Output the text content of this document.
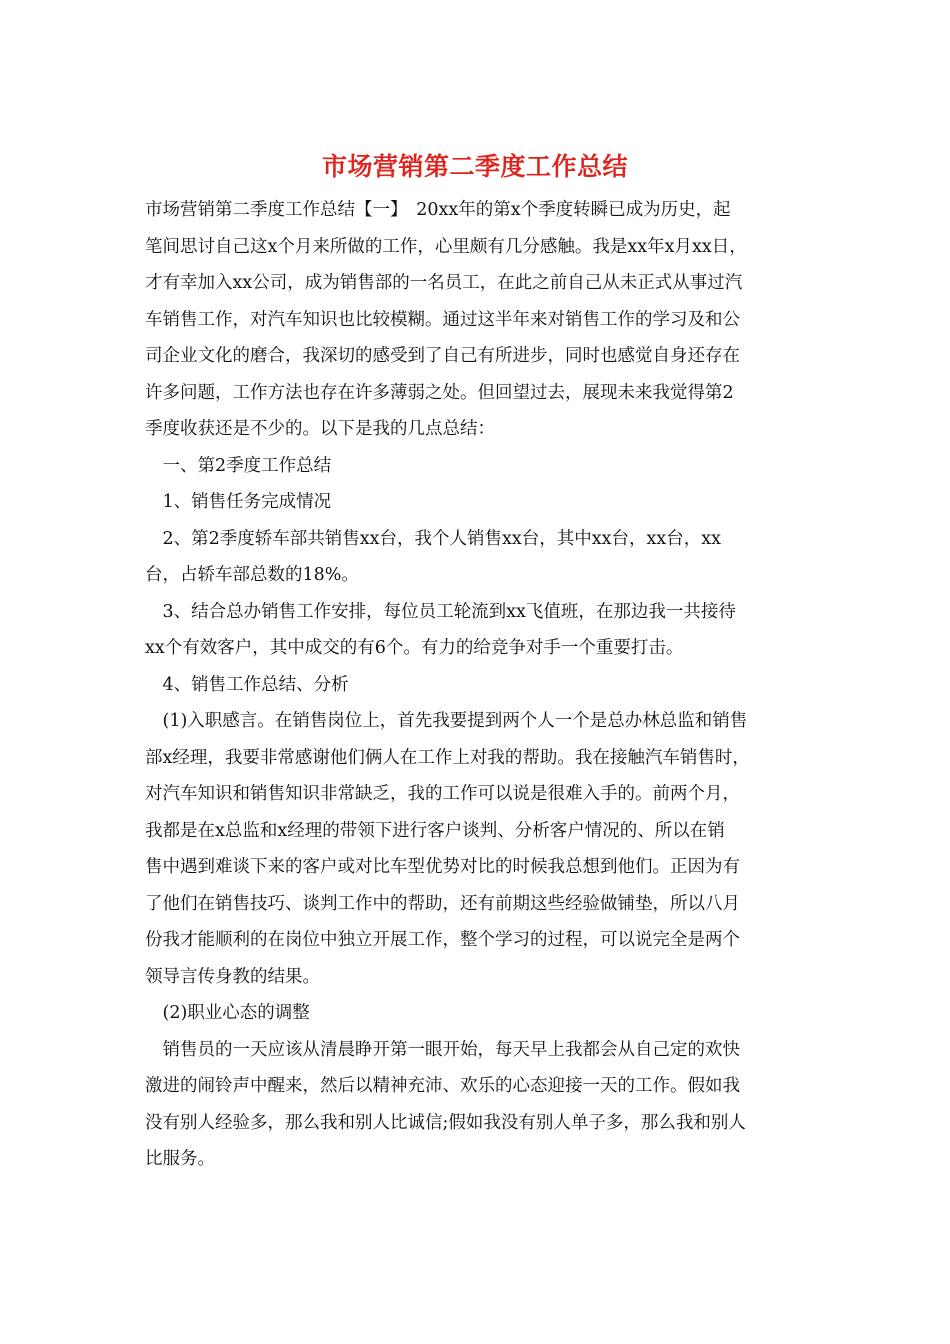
市场营销第二季度工作总结
市场营销第二季度工作总结【一】　20xx年的第x个季度转瞬已成为历史，起
笔间思讨自己这x个月来所做的工作，心里颇有几分感触。我是xx年x月xx日，
才有幸加入xx公司，成为销售部的一名员工，在此之前自己从未正式从事过汽
车销售工作，对汽车知识也比较模糊。通过这半年来对销售工作的学习及和公
司企业文化的磨合，我深切的感受到了自己有所进步，同时也感觉自身还存在
许多问题，工作方法也存在许多薄弱之处。但回望过去，展现未来我觉得第2
季度收获还是不少的。以下是我的几点总结：
　一、第2季度工作总结
　1、销售任务完成情况
　2、第2季度轿车部共销售xx台，我个人销售xx台，其中xx台，xx台，xx
台，占轿车部总数的18%。
　3、结合总办销售工作安排，每位员工轮流到xx飞值班，在那边我一共接待
xx个有效客户，其中成交的有6个。有力的给竞争对手一个重要打击。
　4、销售工作总结、分析
　(1)入职感言。在销售岗位上，首先我要提到两个人一个是总办林总监和销售
部x经理，我要非常感谢他们俩人在工作上对我的帮助。我在接触汽车销售时，
对汽车知识和销售知识非常缺乏，我的工作可以说是很难入手的。前两个月，
我都是在x总监和x经理的带领下进行客户谈判、分析客户情况的、所以在销
售中遇到难谈下来的客户或对比车型优势对比的时候我总想到他们。正因为有
了他们在销售技巧、谈判工作中的帮助，还有前期这些经验做铺垫，所以八月
份我才能顺利的在岗位中独立开展工作，整个学习的过程，可以说完全是两个
领导言传身教的结果。
　(2)职业心态的调整
　销售员的一天应该从清晨睁开第一眼开始，每天早上我都会从自己定的欢快
激进的闹铃声中醒来，然后以精神充沛、欢乐的心态迎接一天的工作。假如我
没有别人经验多，那么我和别人比诚信;假如我没有别人单子多，那么我和别人
比服务。
